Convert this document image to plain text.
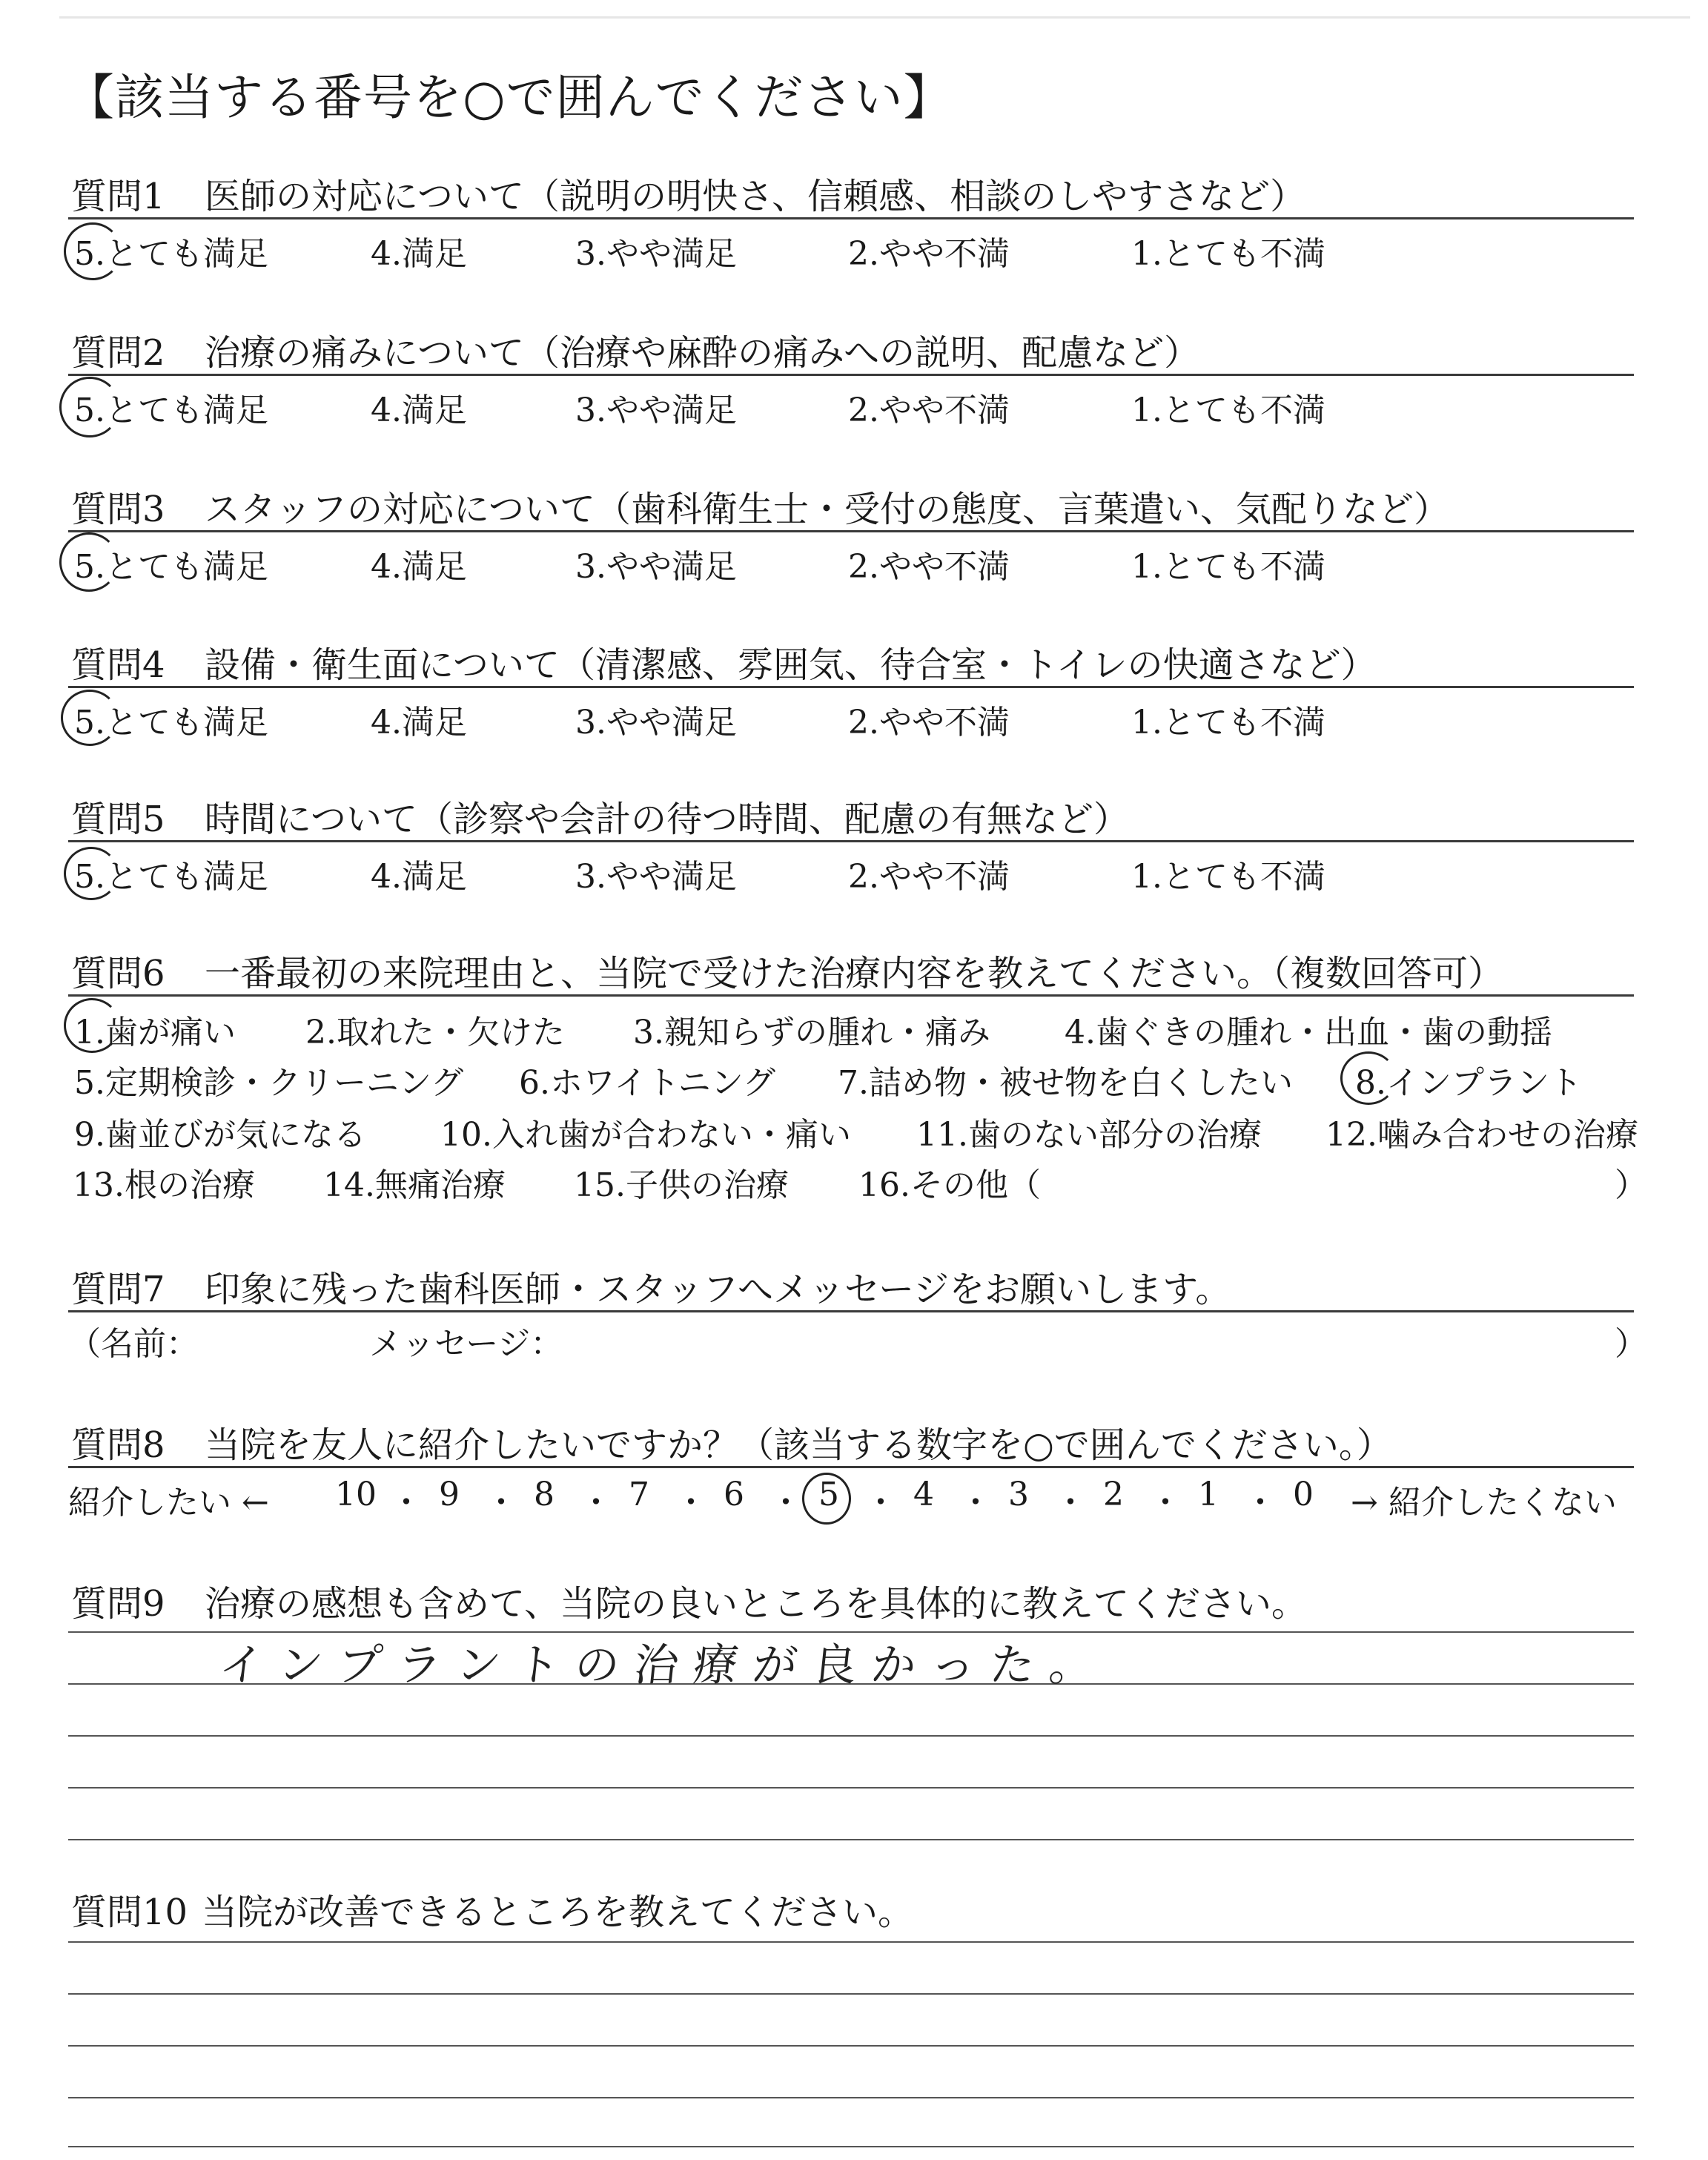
【該当する番号を○で囲んでください】
質問1 医師の対応について（説明の明快さ、信頼感、相談のしやすさなど）
5.とても満足	4.満足	3.やや満足	2.やや不満	1.とても不満
質問2 治療の痛みについて（治療や麻酔の痛みへの説明、配慮など）
5.とても満足	4.満足	3.やや満足	2.やや不満	1.とても不満
質問3 スタッフの対応について（歯科衛生士・受付の態度、言葉遣い、気配りなど）
5.とても満足	4.満足	3.やや満足	2.やや不満	1.とても不満
質問4 設備・衛生面について（清潔感、雰囲気、待合室・トイレの快適さなど）
5.とても満足	4.満足	3.やや満足	2.やや不満	1.とても不満
質問5 時間について（診察や会計の待つ時間、配慮の有無など）
5.とても満足	4.満足	3.やや満足	2.やや不満	1.とても不満
質問6 一番最初の来院理由と、当院で受けた治療内容を教えてください。（複数回答可）
1.歯が痛い 2.取れた・欠けた 3.親知らずの腫れ・痛み 4.歯ぐきの腫れ・出血・歯の動揺
5.定期検診・クリーニング 6.ホワイトニング 7.詰め物・被せ物を白くしたい 8.インプラント
9.歯並びが気になる 10.入れ歯が合わない・痛い 11.歯のない部分の治療 12.噛み合わせの治療
13.根の治療 14.無痛治療 15.子供の治療 16.その他（	）
質問7 印象に残った歯科医師・スタッフへメッセージをお願いします。
（名前：	メッセージ：	）
質問8 当院を友人に紹介したいですか？（該当する数字を○で囲んでください。）
紹介したい ←	→ 紹介したくない
10 ・ 9 ・ 8 ・ 7 ・ 6 ・ 5 ・ 4 ・ 3 ・ 2 ・ 1 ・ 0
質問9 治療の感想も含めて、当院の良いところを具体的に教えてください。
インプラントの治療が良かった。
質問10 当院が改善できるところを教えてください。
